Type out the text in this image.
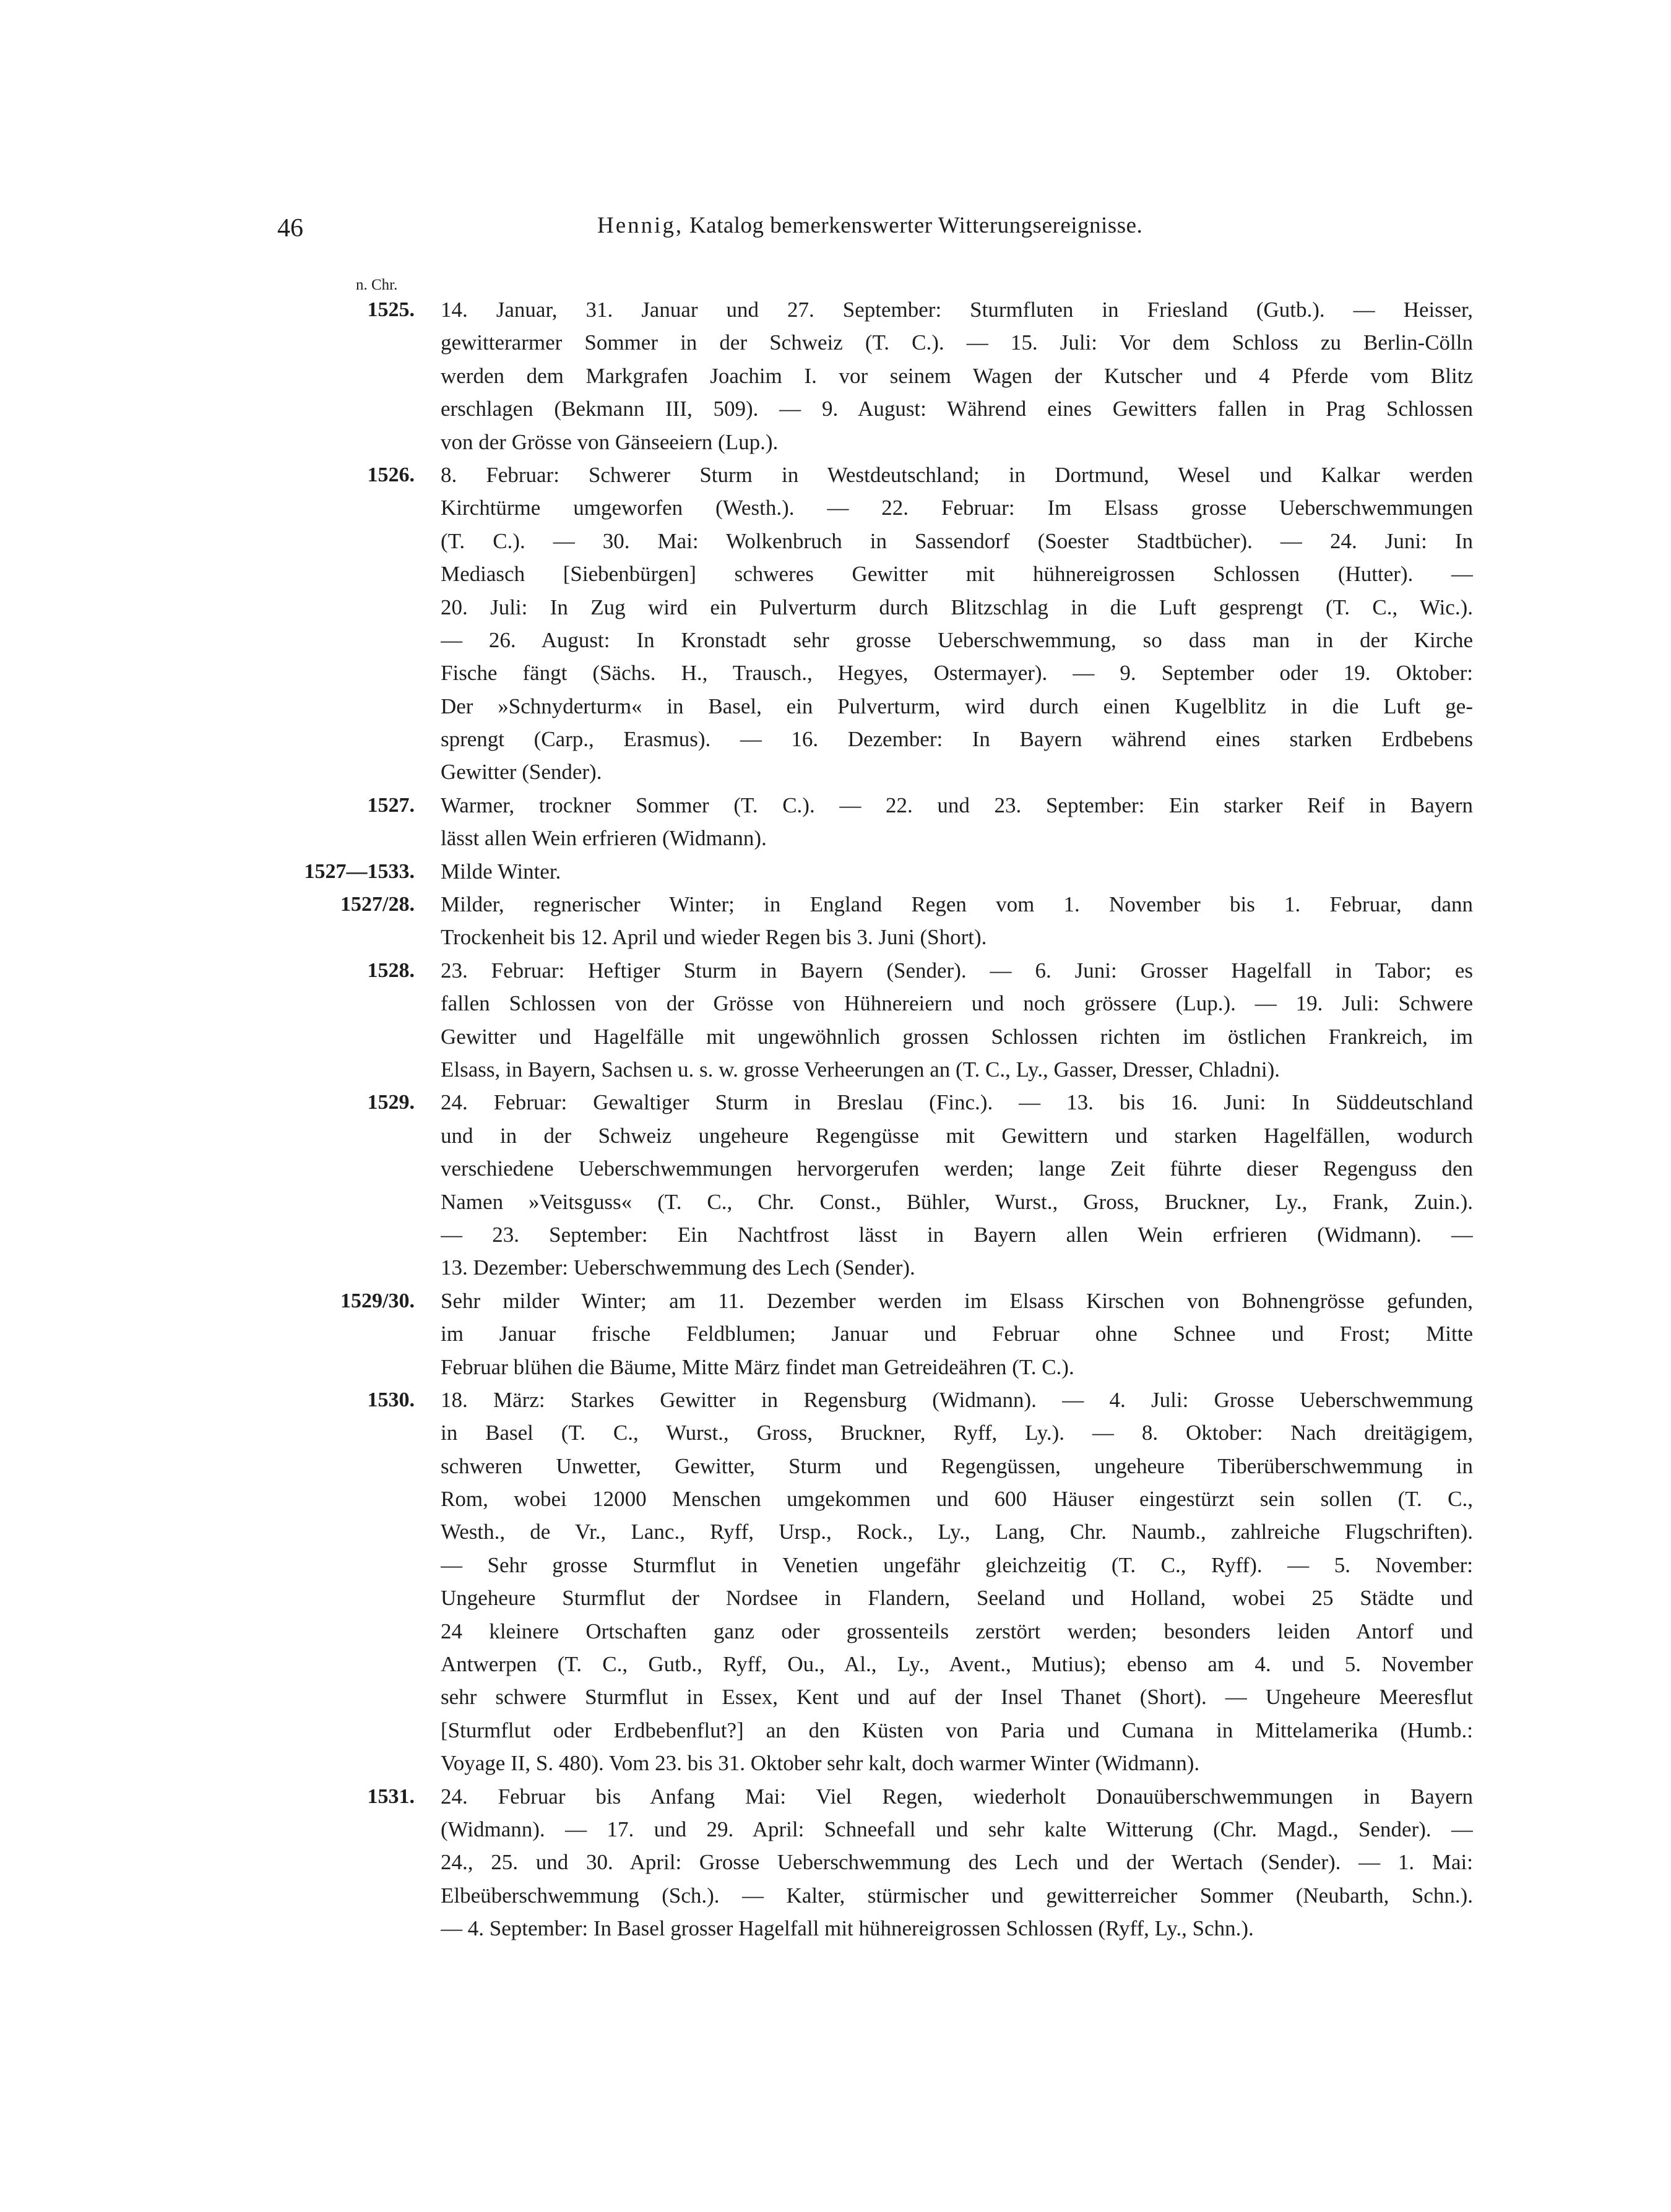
46	Hennig, Katalog bemerkenswerter Witterungsereignisse.
n. Chr.
1525.	14. Januar, 31. Januar und 27. September: Sturmfluten in Friesland (Gutb.). — Heisser,
gewitterarmer Sommer in der Schweiz (T. C.). — 15. Juli: Vor dem Schloss zu Berlin-Cölln
werden dem Markgrafen Joachim I. vor seinem Wagen der Kutscher und 4 Pferde vom Blitz
erschlagen (Bekmann III, 509). — 9. August: Während eines Gewitters fallen in Prag Schlossen
von der Grösse von Gänseeiern (Lup.).
1526.	8. Februar: Schwerer Sturm in Westdeutschland; in Dortmund, Wesel und Kalkar werden
Kirchtürme umgeworfen (Westh.). — 22. Februar: Im Elsass grosse Ueberschwemmungen
(T. C.). — 30. Mai: Wolkenbruch in Sassendorf (Soester Stadtbücher). — 24. Juni: In
Mediasch [Siebenbürgen] schweres Gewitter mit hühnereigrossen Schlossen (Hutter). —
20. Juli: In Zug wird ein Pulverturm durch Blitzschlag in die Luft gesprengt (T. C., Wic.).
— 26. August: In Kronstadt sehr grosse Ueberschwemmung, so dass man in der Kirche
Fische fängt (Sächs. H., Trausch., Hegyes, Ostermayer). — 9. September oder 19. Oktober:
Der »Schnyderturm« in Basel, ein Pulverturm, wird durch einen Kugelblitz in die Luft ge-
sprengt (Carp., Erasmus). — 16. Dezember: In Bayern während eines starken Erdbebens
Gewitter (Sender).
1527.	Warmer, trockner Sommer (T. C.). — 22. und 23. September: Ein starker Reif in Bayern
lässt allen Wein erfrieren (Widmann).
1527—1533.	Milde Winter.
1527/28.	Milder, regnerischer Winter; in England Regen vom 1. November bis 1. Februar, dann
Trockenheit bis 12. April und wieder Regen bis 3. Juni (Short).
1528.	23. Februar: Heftiger Sturm in Bayern (Sender). — 6. Juni: Grosser Hagelfall in Tabor; es
fallen Schlossen von der Grösse von Hühnereiern und noch grössere (Lup.). — 19. Juli: Schwere
Gewitter und Hagelfälle mit ungewöhnlich grossen Schlossen richten im östlichen Frankreich, im
Elsass, in Bayern, Sachsen u. s. w. grosse Verheerungen an (T. C., Ly., Gasser, Dresser, Chladni).
1529.	24. Februar: Gewaltiger Sturm in Breslau (Finc.). — 13. bis 16. Juni: In Süddeutschland
und in der Schweiz ungeheure Regengüsse mit Gewittern und starken Hagelfällen, wodurch
verschiedene Ueberschwemmungen hervorgerufen werden; lange Zeit führte dieser Regenguss den
Namen »Veitsguss« (T. C., Chr. Const., Bühler, Wurst., Gross, Bruckner, Ly., Frank, Zuin.).
— 23. September: Ein Nachtfrost lässt in Bayern allen Wein erfrieren (Widmann). —
13. Dezember: Ueberschwemmung des Lech (Sender).
1529/30.	Sehr milder Winter; am 11. Dezember werden im Elsass Kirschen von Bohnengrösse gefunden,
im Januar frische Feldblumen; Januar und Februar ohne Schnee und Frost; Mitte
Februar blühen die Bäume, Mitte März findet man Getreideähren (T. C.).
1530.	18. März: Starkes Gewitter in Regensburg (Widmann). — 4. Juli: Grosse Ueberschwemmung
in Basel (T. C., Wurst., Gross, Bruckner, Ryff, Ly.). — 8. Oktober: Nach dreitägigem,
schweren Unwetter, Gewitter, Sturm und Regengüssen, ungeheure Tiberüberschwemmung in
Rom, wobei 12000 Menschen umgekommen und 600 Häuser eingestürzt sein sollen (T. C.,
Westh., de Vr., Lanc., Ryff, Ursp., Rock., Ly., Lang, Chr. Naumb., zahlreiche Flugschriften).
— Sehr grosse Sturmflut in Venetien ungefähr gleichzeitig (T. C., Ryff). — 5. November:
Ungeheure Sturmflut der Nordsee in Flandern, Seeland und Holland, wobei 25 Städte und
24 kleinere Ortschaften ganz oder grossenteils zerstört werden; besonders leiden Antorf und
Antwerpen (T. C., Gutb., Ryff, Ou., Al., Ly., Avent., Mutius); ebenso am 4. und 5. November
sehr schwere Sturmflut in Essex, Kent und auf der Insel Thanet (Short). — Ungeheure Meeresflut
[Sturmflut oder Erdbebenflut?] an den Küsten von Paria und Cumana in Mittelamerika (Humb.:
Voyage II, S. 480). Vom 23. bis 31. Oktober sehr kalt, doch warmer Winter (Widmann).
1531.	24. Februar bis Anfang Mai: Viel Regen, wiederholt Donauüberschwemmungen in Bayern
(Widmann). — 17. und 29. April: Schneefall und sehr kalte Witterung (Chr. Magd., Sender). —
24., 25. und 30. April: Grosse Ueberschwemmung des Lech und der Wertach (Sender). — 1. Mai:
Elbeüberschwemmung (Sch.). — Kalter, stürmischer und gewitterreicher Sommer (Neubarth, Schn.).
— 4. September: In Basel grosser Hagelfall mit hühnereigrossen Schlossen (Ryff, Ly., Schn.).
